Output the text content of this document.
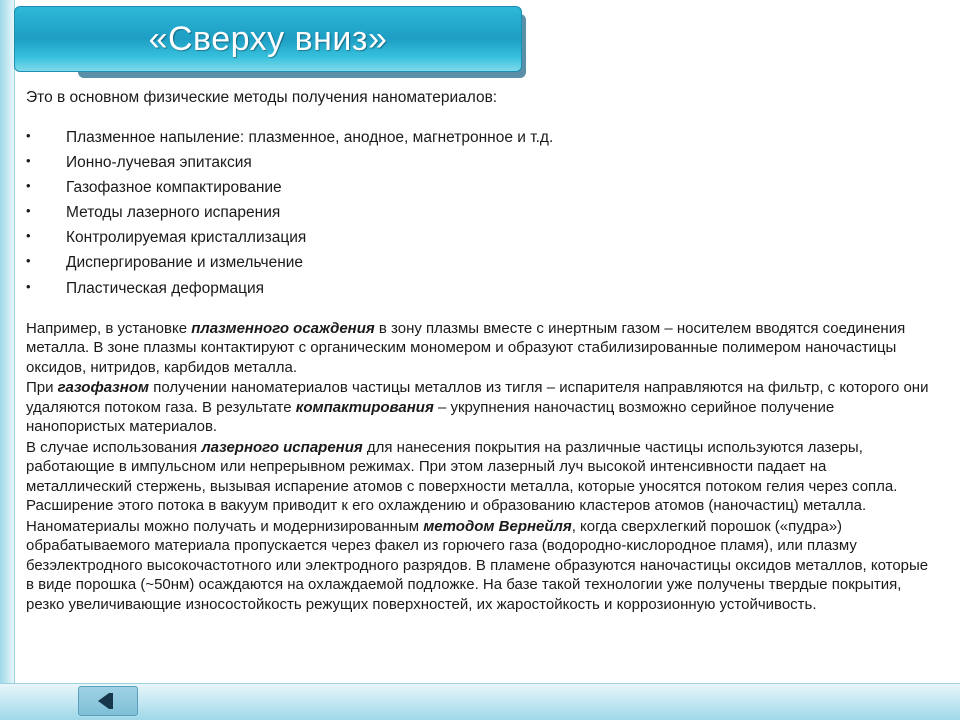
«Сверху вниз»

Это в основном физические методы получения наноматериалов:

• Плазменное напыление: плазменное, анодное, магнетронное и т.д.
• Ионно-лучевая эпитаксия
• Газофазное компактирование
• Методы лазерного испарения
• Контролируемая кристаллизация
• Диспергирование и измельчение
• Пластическая деформация

Например, в установке плазменного осаждения в зону плазмы вместе с инертным газом – носителем вводятся соединения металла. В зоне плазмы контактируют с органическим мономером и образуют стабилизированные полимером наночастицы оксидов, нитридов, карбидов металла.

При газофазном получении наноматериалов частицы металлов из тигля – испарителя направляются на фильтр, с которого они удаляются потоком газа. В результате компактирования – укрупнения наночастиц возможно серийное получение нанопористых материалов.

В случае использования лазерного испарения для нанесения покрытия на различные частицы используются лазеры, работающие в импульсном или непрерывном режимах. При этом лазерный луч высокой интенсивности падает на металлический стержень, вызывая испарение атомов с поверхности металла, которые уносятся потоком гелия через сопла. Расширение этого потока в вакуум приводит к его охлаждению и образованию кластеров атомов (наночастиц) металла.

Наноматериалы можно получать и модернизированным методом Вернейля, когда сверхлегкий порошок («пудра») обрабатываемого материала пропускается через факел из горючего газа (водородно-кислородное пламя), или плазму безэлектродного высокочастотного или электродного разрядов. В пламене образуются наночастицы оксидов металлов, которые в виде порошка (~50нм) осаждаются на охлаждаемой подложке. На базе такой технологии уже получены твердые покрытия, резко увеличивающие износостойкость режущих поверхностей, их жаростойкость и коррозионную устойчивость.
